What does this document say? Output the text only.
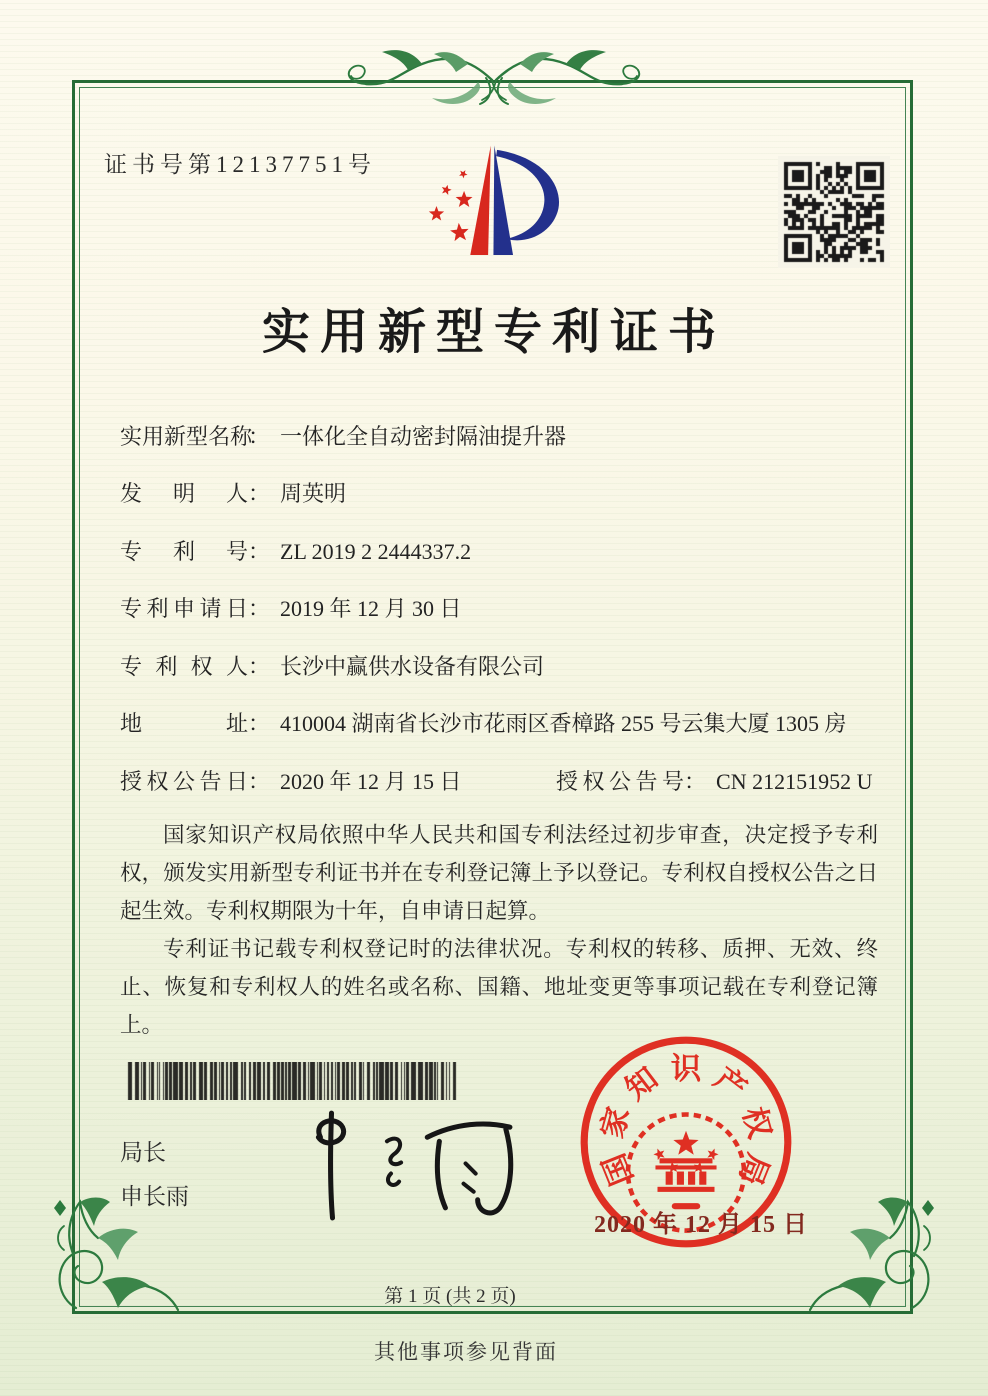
证书号第12137751号
实用新型专利证书
实 用 新 型 名 称
： 一体化全自动密封隔油提升器
发 明 人 ： 周英明
专 利 号 ： ZL 2019 2 2444337.2
专 利 申 请 日 ： 2019 年 12 月 30 日
专 利 权 人 ： 长沙中赢供水设备有限公司
地	址 ： 410004 湖南省长沙市花雨区香樟路 255 号云集大厦 1305 房
授 权 公 告 日 ： 2020 年 12 月 15 日	授 权 公 告 号 ： CN 212151952 U

国家知识产权局依照中华人民共和国专利法经过初步审查，决定授予专利权，颁发实用新型专利证书并在专利登记簿上予以登记。专利权自授权公告之日起生效。专利权期限为十年，自申请日起算。

专利证书记载专利权登记时的法律状况。专利权的转移、质押、无效、终止、恢复和专利权人的姓名或名称、国籍、地址变更等事项记载在专利登记簿上。

局长
申长雨
国
家
知 识 产
权
局
2020 年 12 月 15 日
第 1 页 (共 2 页)
其他事项参见背面
